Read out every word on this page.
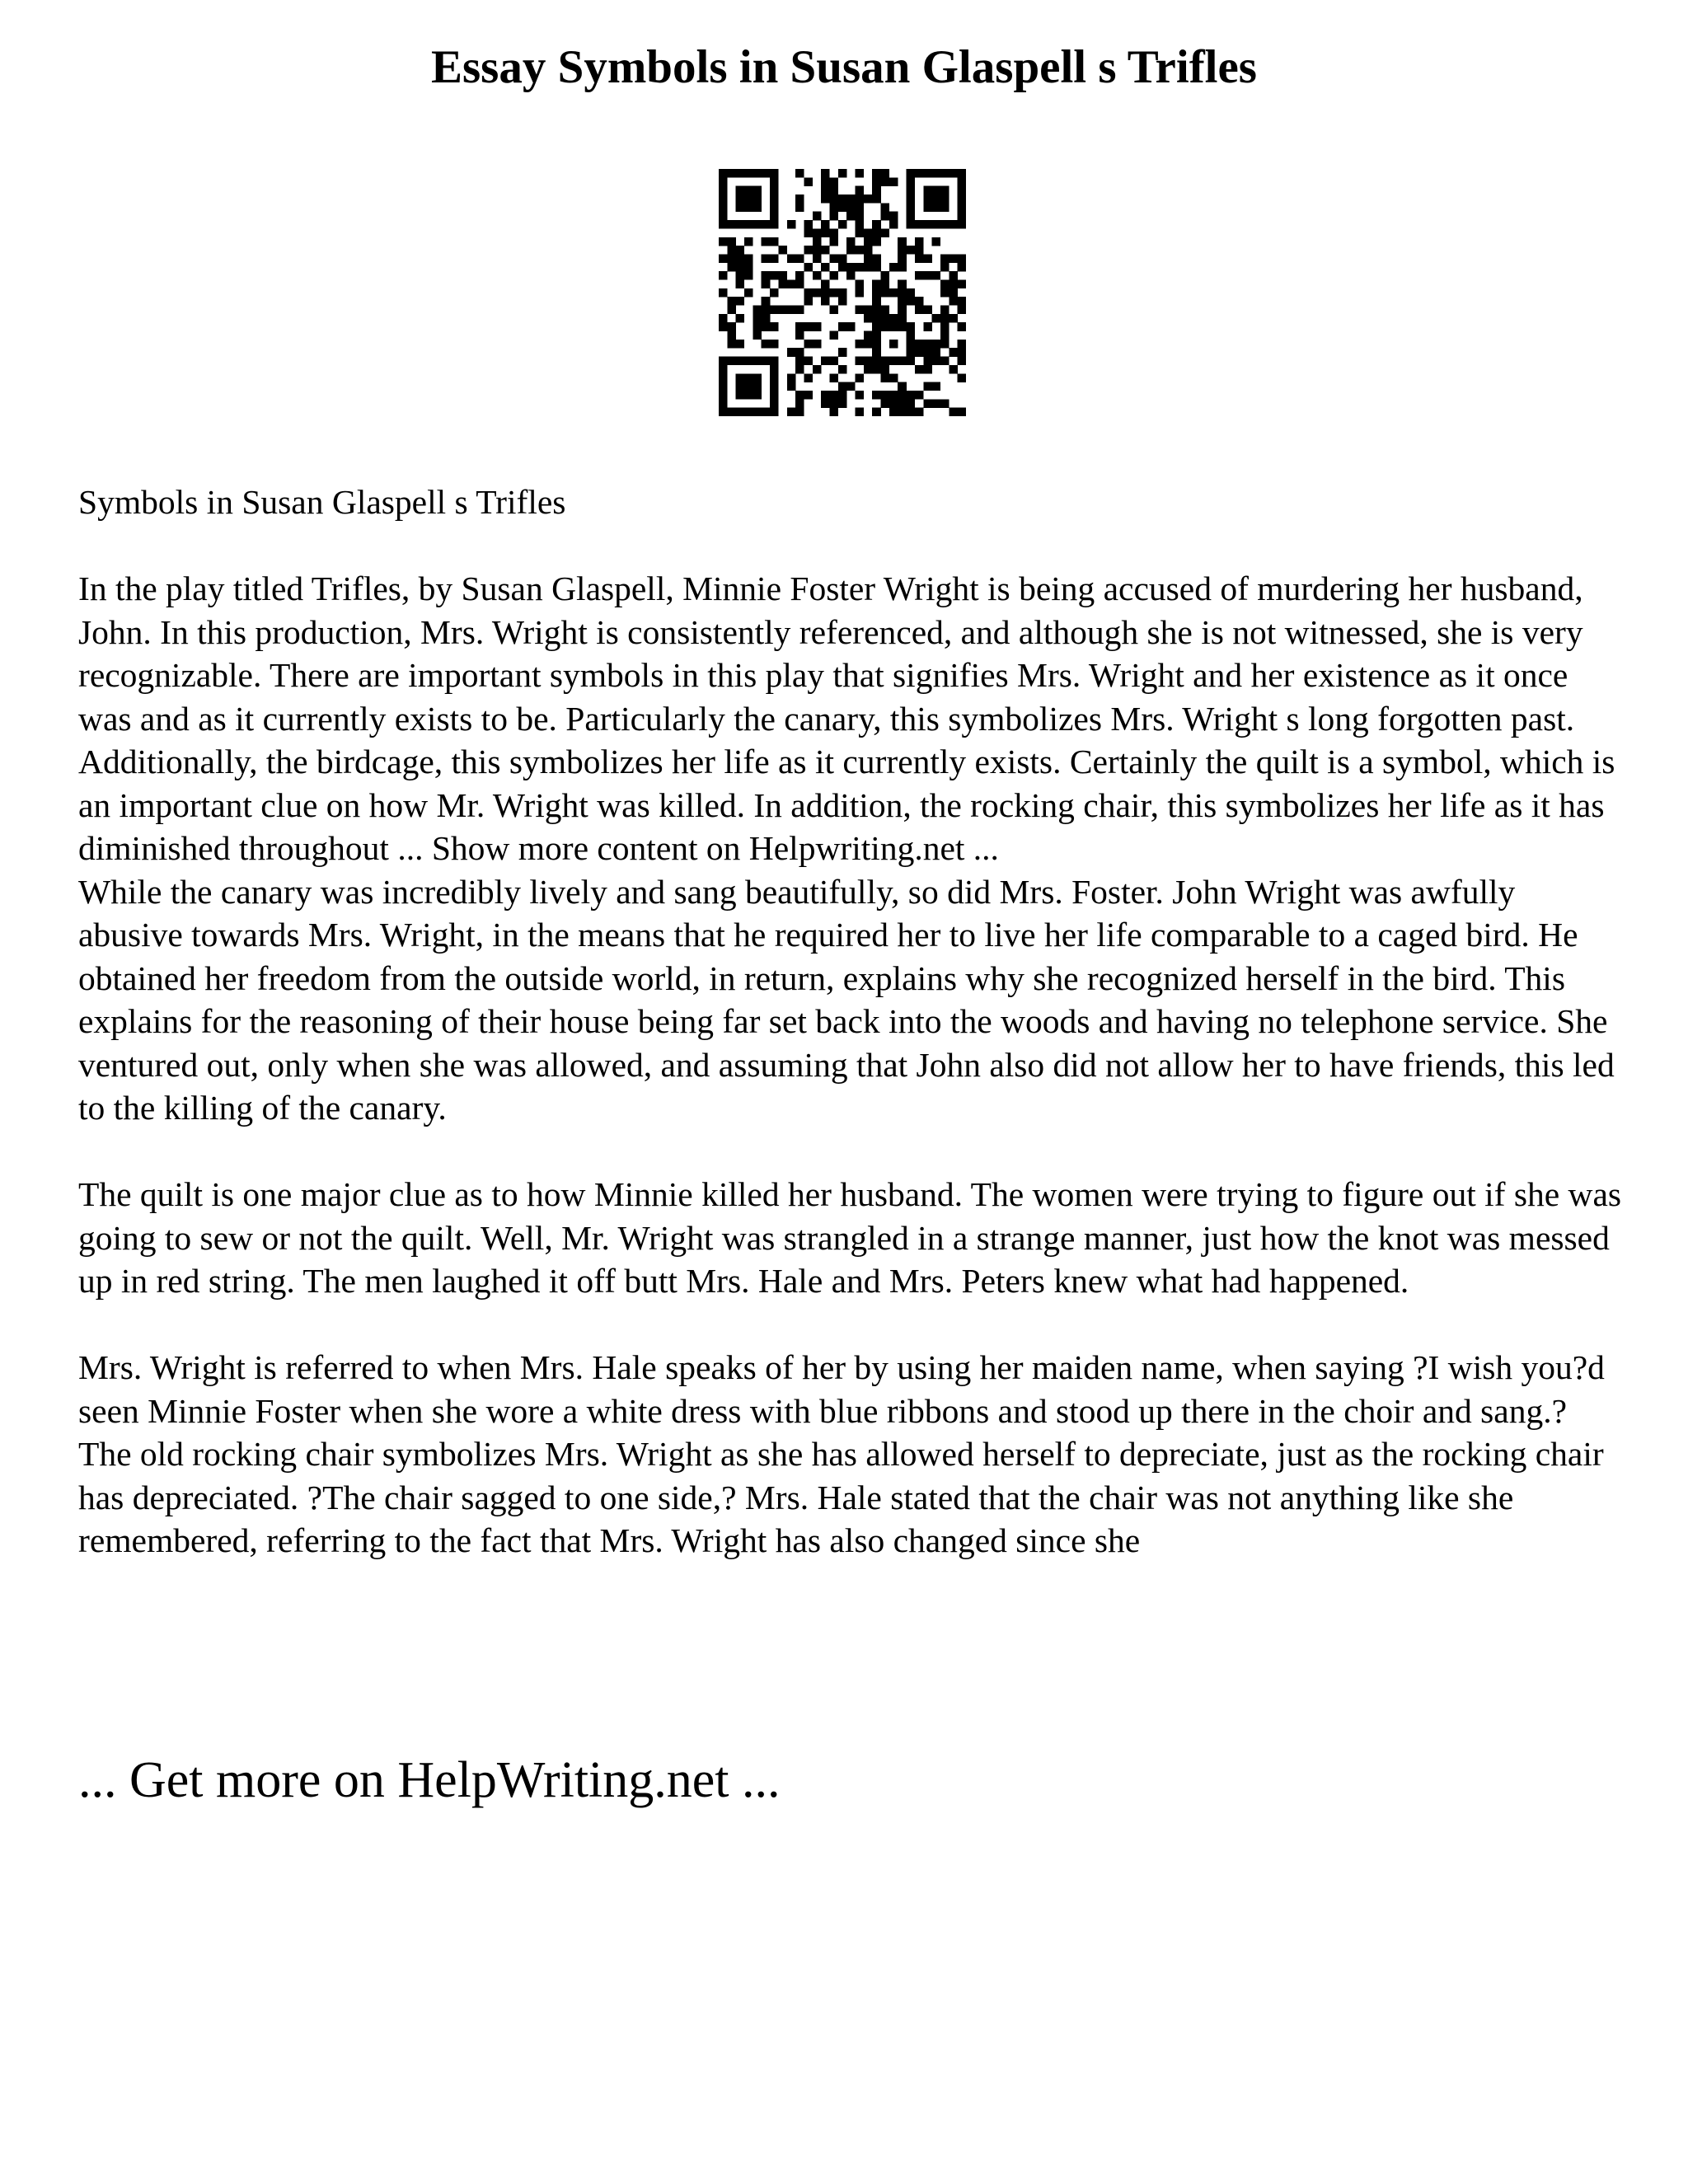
Essay Symbols in Susan Glaspell s Trifles

Symbols in Susan Glaspell s Trifles

In the play titled Trifles, by Susan Glaspell, Minnie Foster Wright is being accused of murdering her husband, John. In this production, Mrs. Wright is consistently referenced, and although she is not witnessed, she is very recognizable. There are important symbols in this play that signifies Mrs. Wright and her existence as it once was and as it currently exists to be. Particularly the canary, this symbolizes Mrs. Wright s long forgotten past. Additionally, the birdcage, this symbolizes her life as it currently exists. Certainly the quilt is a symbol, which is an important clue on how Mr. Wright was killed. In addition, the rocking chair, this symbolizes her life as it has diminished throughout ... Show more content on Helpwriting.net ...

While the canary was incredibly lively and sang beautifully, so did Mrs. Foster. John Wright was awfully abusive towards Mrs. Wright, in the means that he required her to live her life comparable to a caged bird. He obtained her freedom from the outside world, in return, explains why she recognized herself in the bird. This explains for the reasoning of their house being far set back into the woods and having no telephone service. She ventured out, only when she was allowed, and assuming that John also did not allow her to have friends, this led to the killing of the canary.

The quilt is one major clue as to how Minnie killed her husband. The women were trying to figure out if she was going to sew or not the quilt. Well, Mr. Wright was strangled in a strange manner, just how the knot was messed up in red string. The men laughed it off butt Mrs. Hale and Mrs. Peters knew what had happened.

Mrs. Wright is referred to when Mrs. Hale speaks of her by using her maiden name, when saying ?I wish you?d seen Minnie Foster when she wore a white dress with blue ribbons and stood up there in the choir and sang.? The old rocking chair symbolizes Mrs. Wright as she has allowed herself to depreciate, just as the rocking chair has depreciated. ?The chair sagged to one side,? Mrs. Hale stated that the chair was not anything like she remembered, referring to the fact that Mrs. Wright has also changed since she

... Get more on HelpWriting.net ...
